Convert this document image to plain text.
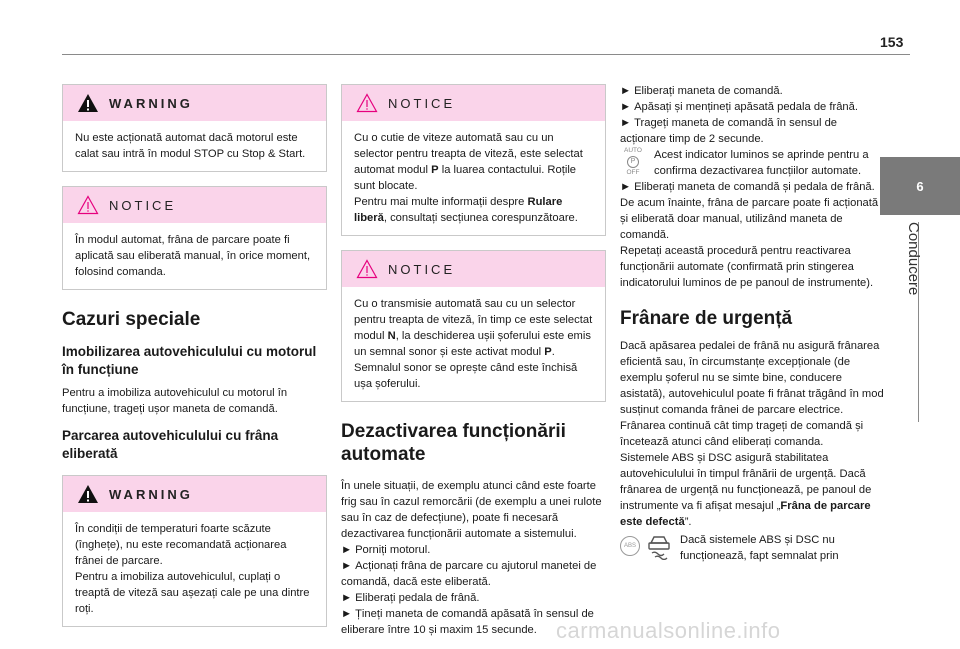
153
6
Conducere
WARNING

Nu este acționată automat dacă motorul este calat sau intră în modul STOP cu Stop & Start.

NOTICE

În modul automat, frâna de parcare poate fi aplicată sau eliberată manual, în orice moment, folosind comanda.

Cazuri speciale
Imobilizarea autovehiculului cu motorul în funcțiune

Pentru a imobiliza autovehiculul cu motorul în funcțiune, trageți ușor maneta de comandă.

Parcarea autovehiculului cu frâna eliberată
WARNING

În condiții de temperaturi foarte scăzute (înghețe), nu este recomandată acționarea frânei de parcare.

Pentru a imobiliza autovehiculul, cuplați o treaptă de viteză sau așezați cale pe una dintre roți.

NOTICE

Cu o cutie de viteze automată sau cu un selector pentru treapta de viteză, este selectat automat modul P la luarea contactului. Roțile sunt blocate.

Pentru mai multe informații despre Rulare liberă, consultați secțiunea corespunzătoare.

NOTICE

Cu o transmisie automată sau cu un selector pentru treapta de viteză, în timp ce este selectat modul N, la deschiderea ușii șoferului este emis un semnal sonor și este activat modul P. Semnalul sonor se oprește când este închisă ușa șoferului.

Dezactivarea funcționării automate

În unele situații, de exemplu atunci când este foarte frig sau în cazul remorcării (de exemplu a unei rulote sau în caz de defecțiune), poate fi necesară dezactivarea funcționării automate a sistemului.

► Porniți motorul.

► Acționați frâna de parcare cu ajutorul manetei de comandă, dacă este eliberată.

► Eliberați pedala de frână.

► Țineți maneta de comandă apăsată în sensul de eliberare între 10 și maxim 15 secunde.

► Eliberați maneta de comandă.

► Apăsați și mențineți apăsată pedala de frână.

► Trageți maneta de comandă în sensul de acționare timp de 2 secunde.

AUTO
P
OFF

Acest indicator luminos se aprinde pentru a confirma dezactivarea funcțiilor automate.

► Eliberați maneta de comandă și pedala de frână.

De acum înainte, frâna de parcare poate fi acționată și eliberată doar manual, utilizând maneta de comandă.

Repetați această procedură pentru reactivarea funcționării automate (confirmată prin stingerea indicatorului luminos de pe panoul de instrumente).

Frânare de urgență

Dacă apăsarea pedalei de frână nu asigură frânarea eficientă sau, în circumstanțe excepționale (de exemplu șoferul nu se simte bine, conducere asistată), autovehiculul poate fi frânat trăgând în mod susținut comanda frânei de parcare electrice. Frânarea continuă cât timp trageți de comandă și încetează atunci când eliberați comanda.

Sistemele ABS și DSC asigură stabilitatea autovehiculului în timpul frânării de urgență. Dacă frânarea de urgență nu funcționează, pe panoul de instrumente va fi afișat mesajul „Frâna de parcare este defectă”.

ABS	Dacă sistemele ABS și DSC nu funcționează, fapt semnalat prin

carmanualsonline.info
